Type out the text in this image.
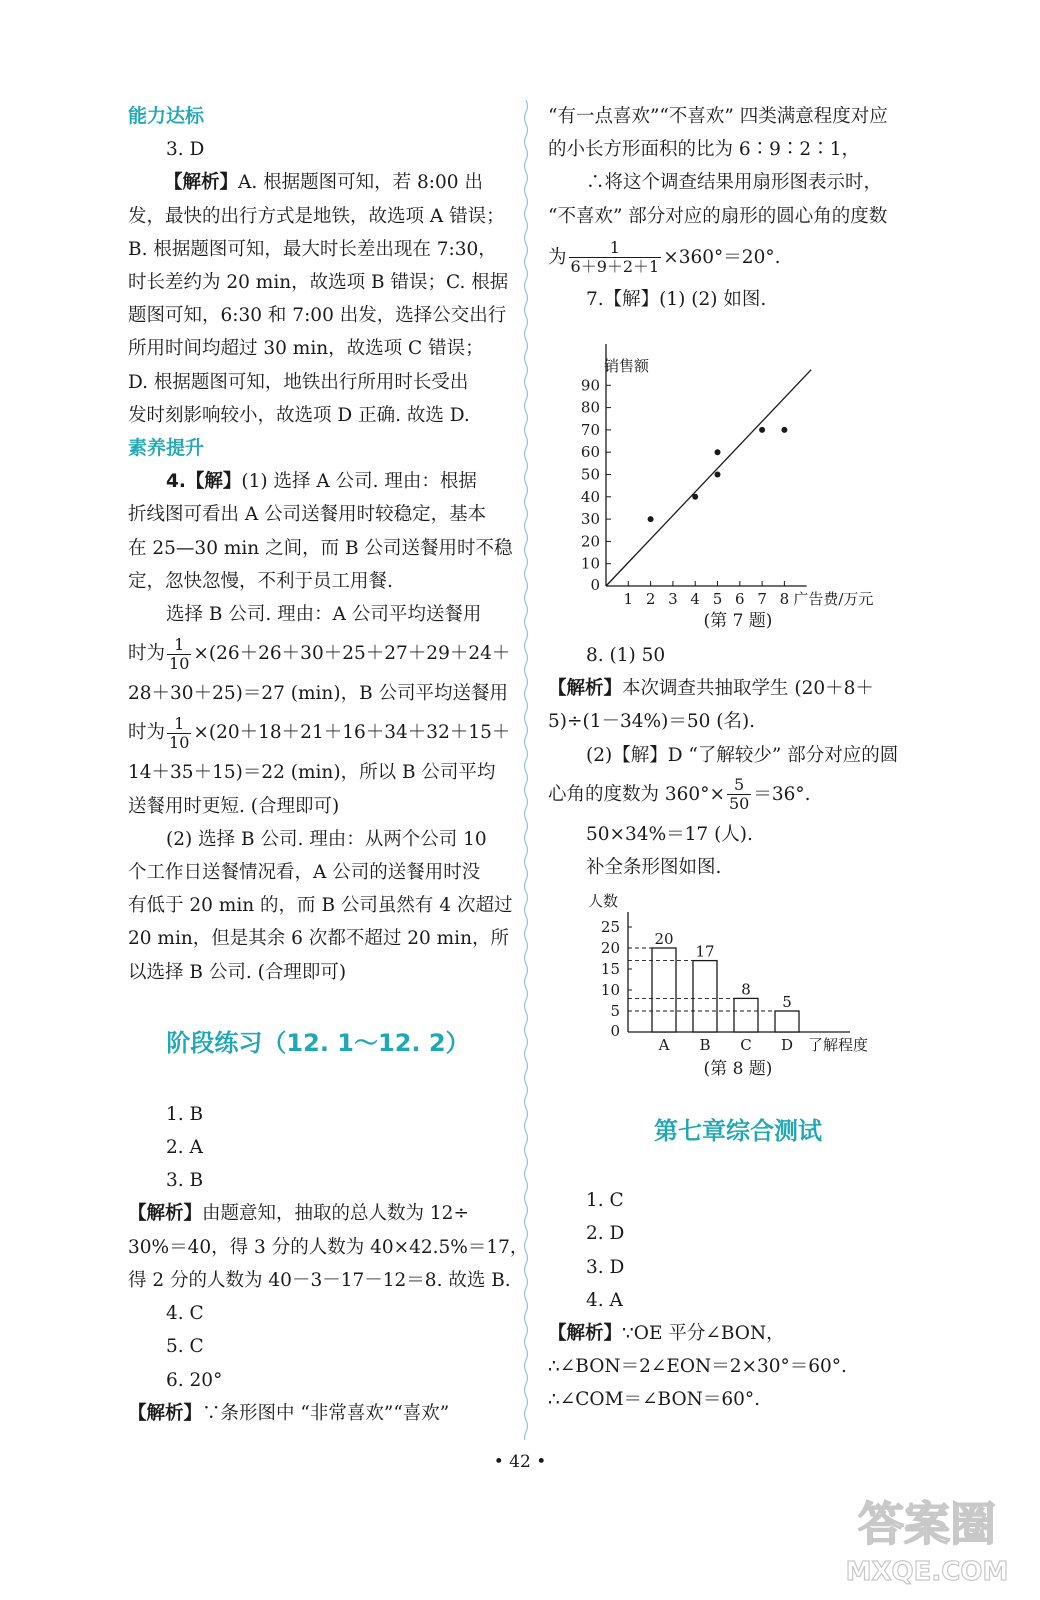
能力达标
3. D
【解析】A. 根据题图可知，若 8:00 出
发，最快的出行方式是地铁，故选项 A 错误；
B. 根据题图可知，最大时长差出现在 7:30，
时长差约为 20 min，故选项 B 错误；C. 根据
题图可知，6:30 和 7:00 出发，选择公交出行
所用时间均超过 30 min，故选项 C 错误；
D. 根据题图可知，地铁出行所用时长受出
发时刻影响较小，故选项 D 正确. 故选 D.
素养提升
4.【解】(1) 选择 A 公司. 理由：根据
折线图可看出 A 公司送餐用时较稳定，基本
在 25—30 min 之间，而 B 公司送餐用时不稳
定，忽快忽慢，不利于员工用餐.
选择 B 公司. 理由：A 公司平均送餐用
时为 $\frac{1}{10} \times(26+26+30+25+27+29+24+$
28＋30＋25)＝27 (min)，B 公司平均送餐用
时为 $\frac{1}{10} \times(20+18+21+16+34+32+15+$
14＋35＋15)＝22 (min)，所以 B 公司平均
送餐用时更短. (合理即可)
(2) 选择 B 公司. 理由：从两个公司 10
个工作日送餐情况看，A 公司的送餐用时没
有低于 20 min 的，而 B 公司虽然有 4 次超过
20 min，但是其余 6 次都不超过 20 min，所
以选择 B 公司. (合理即可)
阶段练习（12. 1～12. 2）
1. B
2. A
3. B
【解析】由题意知，抽取的总人数为 12÷
30%＝40，得 3 分的人数为 40×42.5%＝17，
得 2 分的人数为 40－3－17－12＝8. 故选 B.
4. C
5. C
6. 20°
【解析】∵条形图中 “非常喜欢”“喜欢”
“有一点喜欢”“不喜欢” 四类满意程度对应
的小长方形面积的比为 6∶9∶2∶1，
∴将这个调查结果用扇形图表示时，
“不喜欢” 部分对应的扇形的圆心角的度数
为 $\frac{1}{6+9+2+1} \times 360^\circ=20^\circ$.
7.【解】(1) (2) 如图.
销售额
0
10
20
30
40
50
60
70
80
90
1 2 3 4 5 6 7 8 广告费/万元
(第 7 题)
8. (1) 50
【解析】本次调查共抽取学生 (20＋8＋
5)÷(1－34%)＝50 (名).
(2)【解】D “了解较少” 部分对应的圆
心角的度数为 $360^\circ\times \frac{5}{50} =36^\circ$.
50×34%＝17 (人).
补全条形图如图.
人数
0
5
10
15
20
25
20
A
17
B
8
C
5
D 了解程度
(第 8 题)
第七章综合测试
1. C
2. D
3. D
4. A
【解析】∵OE 平分∠BON，
∴∠BON＝2∠EON＝2×30°＝60°.
∴∠COM＝∠BON＝60°.
• 42 •
答案圈
MXQE.COM
